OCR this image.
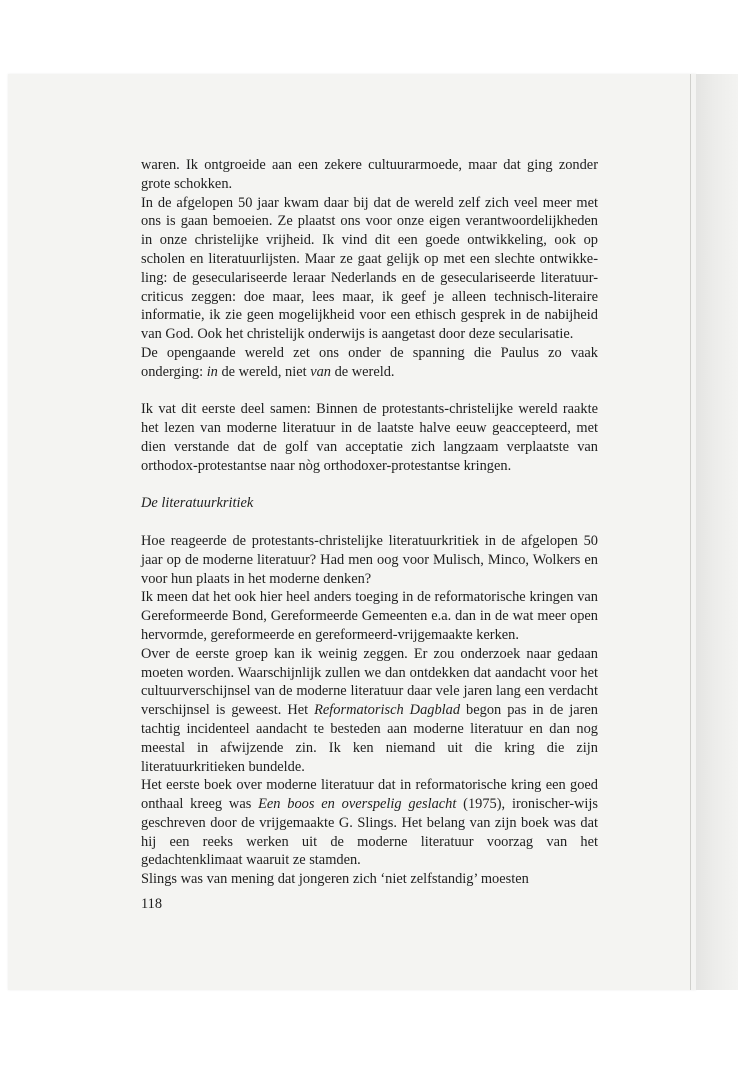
waren. Ik ontgroeide aan een zekere cultuurarmoede, maar dat ging zonder grote schokken.

In de afgelopen 50 jaar kwam daar bij dat de wereld zelf zich veel meer met ons is gaan bemoeien. Ze plaatst ons voor onze eigen verantwoordelijkheden in onze christelijke vrijheid. Ik vind dit een goede ontwikkeling, ook op scholen en literatuurlijsten. Maar ze gaat gelijk op met een slechte ontwikke-ling: de geseculariseerde leraar Nederlands en de geseculariseerde literatuur-criticus zeggen: doe maar, lees maar, ik geef je alleen technisch-literaire informatie, ik zie geen mogelijkheid voor een ethisch gesprek in de nabijheid van God. Ook het christelijk onderwijs is aangetast door deze secularisatie.

De opengaande wereld zet ons onder de spanning die Paulus zo vaak onderging: in de wereld, niet van de wereld.

Ik vat dit eerste deel samen: Binnen de protestants-christelijke wereld raakte het lezen van moderne literatuur in de laatste halve eeuw geaccepteerd, met dien verstande dat de golf van acceptatie zich langzaam verplaatste van orthodox-protestantse naar nòg orthodoxer-protestantse kringen.

De literatuurkritiek

Hoe reageerde de protestants-christelijke literatuurkritiek in de afgelopen 50 jaar op de moderne literatuur? Had men oog voor Mulisch, Minco, Wolkers en voor hun plaats in het moderne denken?

Ik meen dat het ook hier heel anders toeging in de reformatorische kringen van Gereformeerde Bond, Gereformeerde Gemeenten e.a. dan in de wat meer open hervormde, gereformeerde en gereformeerd-vrijgemaakte kerken.

Over de eerste groep kan ik weinig zeggen. Er zou onderzoek naar gedaan moeten worden. Waarschijnlijk zullen we dan ontdekken dat aandacht voor het cultuurverschijnsel van de moderne literatuur daar vele jaren lang een verdacht verschijnsel is geweest. Het Reformatorisch Dagblad begon pas in de jaren tachtig incidenteel aandacht te besteden aan moderne literatuur en dan nog meestal in afwijzende zin. Ik ken niemand uit die kring die zijn literatuurkritieken bundelde.

Het eerste boek over moderne literatuur dat in reformatorische kring een goed onthaal kreeg was Een boos en overspelig geslacht (1975), ironischer-wijs geschreven door de vrijgemaakte G. Slings. Het belang van zijn boek was dat hij een reeks werken uit de moderne literatuur voorzag van het gedachtenklimaat waaruit ze stamden.

Slings was van mening dat jongeren zich ‘niet zelfstandig’ moesten

118
